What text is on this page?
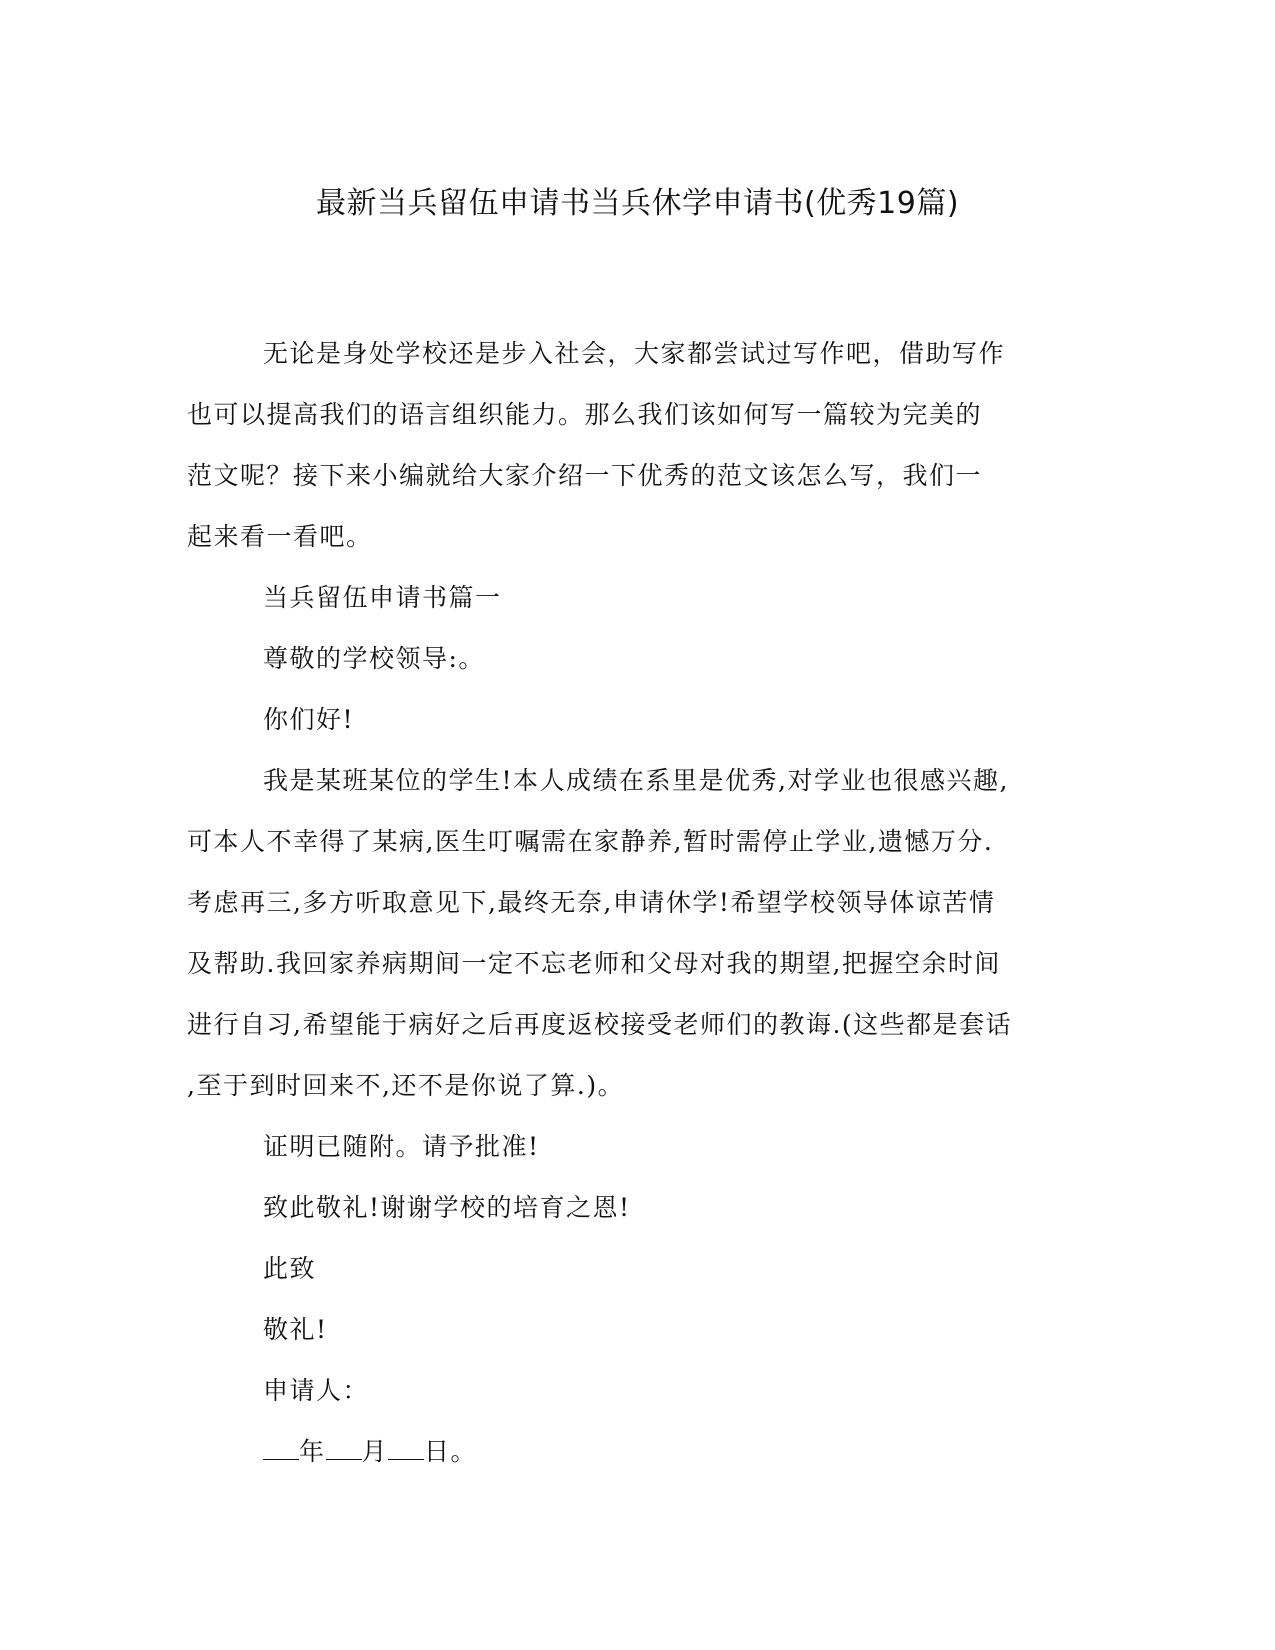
最新当兵留伍申请书当兵休学申请书(优秀19篇)
无论是身处学校还是步入社会，大家都尝试过写作吧，借助写作
也可以提高我们的语言组织能力。那么我们该如何写一篇较为完美的
范文呢？接下来小编就给大家介绍一下优秀的范文该怎么写，我们一
起来看一看吧。
当兵留伍申请书篇一
尊敬的学校领导:。
你们好!
我是某班某位的学生!本人成绩在系里是优秀,对学业也很感兴趣,
可本人不幸得了某病,医生叮嘱需在家静养,暂时需停止学业,遗憾万分.
考虑再三,多方听取意见下,最终无奈,申请休学!希望学校领导体谅苦情
及帮助.我回家养病期间一定不忘老师和父母对我的期望,把握空余时间
进行自习,希望能于病好之后再度返校接受老师们的教诲.(这些都是套话
,至于到时回来不,还不是你说了算.)。
证明已随附。请予批准!
致此敬礼!谢谢学校的培育之恩!
此致
敬礼!
申请人：
年 月 日。
